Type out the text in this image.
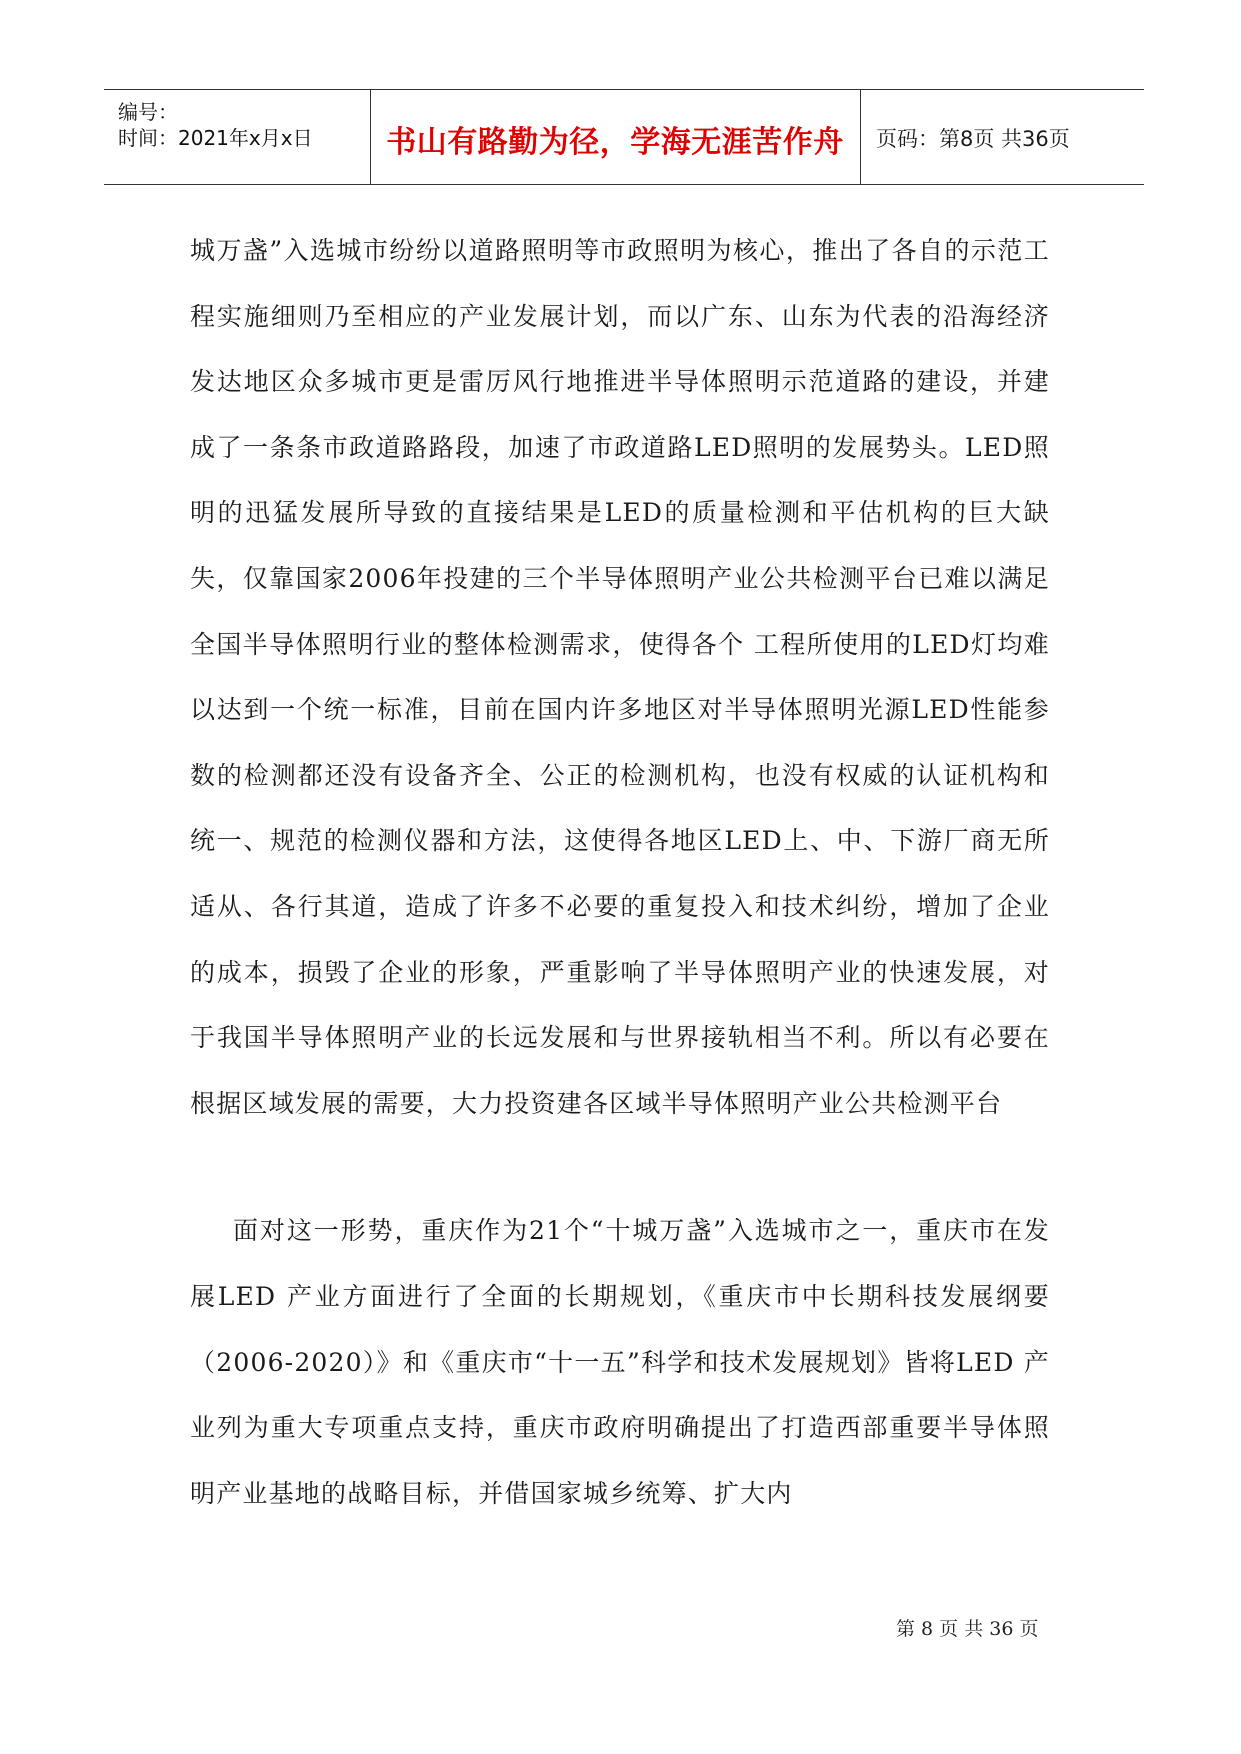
编号：
时间：2021年x月x日	书山有路勤为径，学海无涯苦作舟	页码：第8页 共36页

城万盏”入选城市纷纷以道路照明等市政照明为核心，推出了各自的示范工程实施细则乃至相应的产业发展计划，而以广东、山东为代表的沿海经济发达地区众多城市更是雷厉风行地推进半导体照明示范道路的建设，并建成了一条条市政道路路段，加速了市政道路LED照明的发展势头。LED照明的迅猛发展所导致的直接结果是LED的质量检测和平估机构的巨大缺失，仅靠国家2006年投建的三个半导体照明产业公共检测平台已难以满足全国半导体照明行业的整体检测需求，使得各个 工程所使用的LED灯均难以达到一个统一标准，目前在国内许多地区对半导体照明光源LED性能参数的检测都还没有设备齐全、公正的检测机构，也没有权威的认证机构和统一、规范的检测仪器和方法，这使得各地区LED上、中、下游厂商无所适从、各行其道，造成了许多不必要的重复投入和技术纠纷，增加了企业的成本，损毁了企业的形象，严重影响了半导体照明产业的快速发展，对于我国半导体照明产业的长远发展和与世界接轨相当不利。所以有必要在根据区域发展的需要，大力投资建各区域半导体照明产业公共检测平台

面对这一形势，重庆作为21个“十城万盏”入选城市之一，重庆市在发展LED 产业方面进行了全面的长期规划，《重庆市中长期科技发展纲要（2006-2020）》和《重庆市“十一五”科学和技术发展规划》皆将LED 产业列为重大专项重点支持，重庆市政府明确提出了打造西部重要半导体照明产业基地的战略目标，并借国家城乡统筹、扩大内

第 8 页 共 36 页
